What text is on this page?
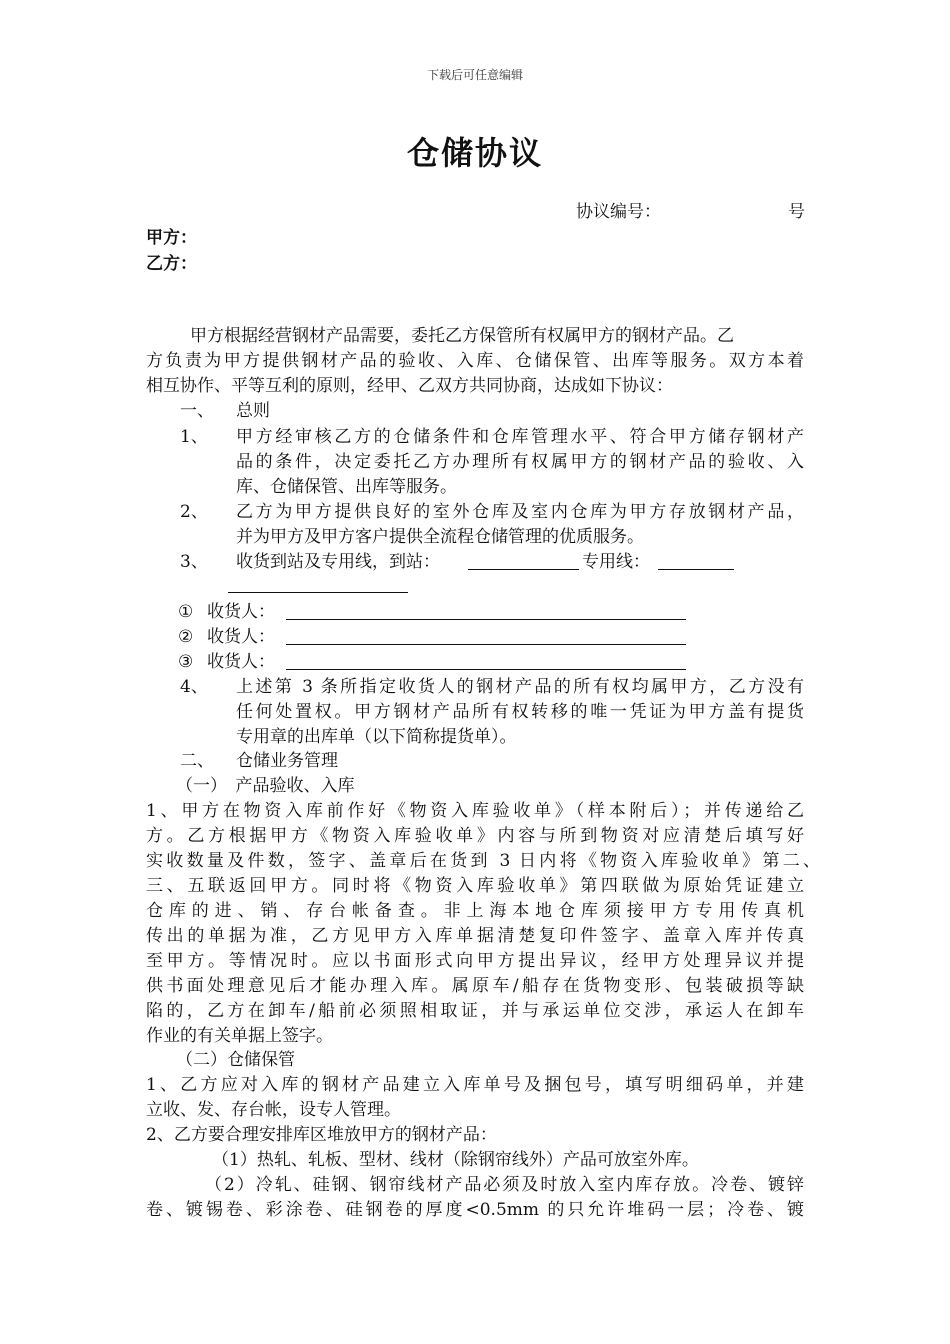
下载后可任意编辑
仓储协议
协议编号：	号
甲方：
乙方：
甲方根据经营钢材产品需要，委托乙方保管所有权属甲方的钢材产品。乙
方负责为甲方提供钢材产品的验收、入库、仓储保管、出库等服务。双方本着
相互协作、平等互利的原则，经甲、乙双方共同协商，达成如下协议：
一、 总则
1、 甲方经审核乙方的仓储条件和仓库管理水平、符合甲方储存钢材产
品的条件，决定委托乙方办理所有权属甲方的钢材产品的验收、入
库、仓储保管、出库等服务。
2、 乙方为甲方提供良好的室外仓库及室内仓库为甲方存放钢材产品，
并为甲方及甲方客户提供全流程仓储管理的优质服务。
3、 收货到站及专用线，到站：	专用线：
① 收货人：
② 收货人：
③ 收货人：
4、 上述第 3 条所指定收货人的钢材产品的所有权均属甲方，乙方没有
任何处置权。甲方钢材产品所有权转移的唯一凭证为甲方盖有提货
专用章的出库单（以下简称提货单）。
二、 仓储业务管理
（一）　产品验收、入库
1、甲方在物资入库前作好《物资入库验收单》（样本附后）；并传递给乙
方。乙方根据甲方《物资入库验收单》内容与所到物资对应清楚后填写好
实收数量及件数，签字、盖章后在货到 3 日内将《物资入库验收单》第二、
三、五联返回甲方。同时将《物资入库验收单》第四联做为原始凭证建立
仓库的进、销、存台帐备查。非上海本地仓库须接甲方专用传真机
传出的单据为准，乙方见甲方入库单据清楚复印件签字、盖章入库并传真
至甲方。等情况时。应以书面形式向甲方提出异议，经甲方处理异议并提
供书面处理意见后才能办理入库。属原车/船存在货物变形、包装破损等缺
陷的，乙方在卸车/船前必须照相取证，并与承运单位交涉，承运人在卸车
作业的有关单据上签字。
（二）仓储保管
1、乙方应对入库的钢材产品建立入库单号及捆包号，填写明细码单，并建
立收、发、存台帐，设专人管理。
2、乙方要合理安排库区堆放甲方的钢材产品：
（1）热轧、轧板、型材、线材（除钢帘线外）产品可放室外库。
（2）冷轧、硅钢、钢帘线材产品必须及时放入室内库存放。冷卷、镀锌
卷、镀锡卷、彩涂卷、硅钢卷的厚度<0.5mm 的只允许堆码一层；冷卷、镀
